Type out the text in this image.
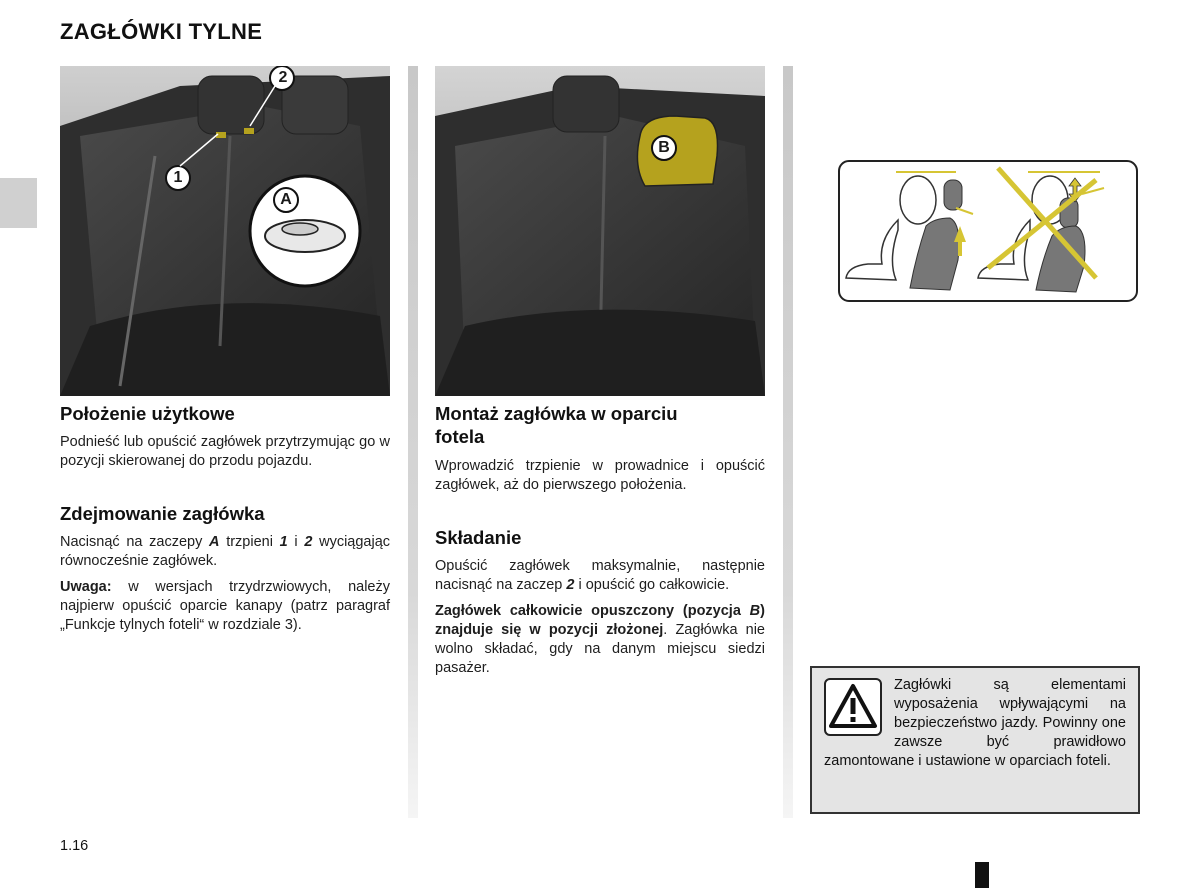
ZAGŁÓWKI TYLNE
2
1
A
B
Położenie użytkowe

Podnieść lub opuścić zagłówek przytrzymując go w pozycji skierowanej do przodu pojazdu.

Zdejmowanie zagłówka

Nacisnąć na zaczepy A trzpieni 1 i 2 wyciągając równocześnie zagłówek.

Uwaga: w wersjach trzydrzwiowych, należy najpierw opuścić oparcie kanapy (patrz paragraf „Funkcje tylnych foteli“ w rozdziale 3).

Montaż zagłówka w oparciu fotela

Wprowadzić trzpienie w prowadnice i opuścić zagłówek, aż do pierwszego położenia.

Składanie

Opuścić zagłówek maksymalnie, następnie nacisnąć na zaczep 2 i opuścić go całkowicie.

Zagłówek całkowicie opuszczony (pozycja B) znajduje się w pozycji złożonej. Zagłówka nie wolno składać, gdy na danym miejscu siedzi pasażer.

Zagłówki są elementami wyposażenia wpływającymi na bezpieczeństwo jazdy. Powinny one zawsze być prawidłowo zamontowane i ustawione w oparciach foteli.
1.16
